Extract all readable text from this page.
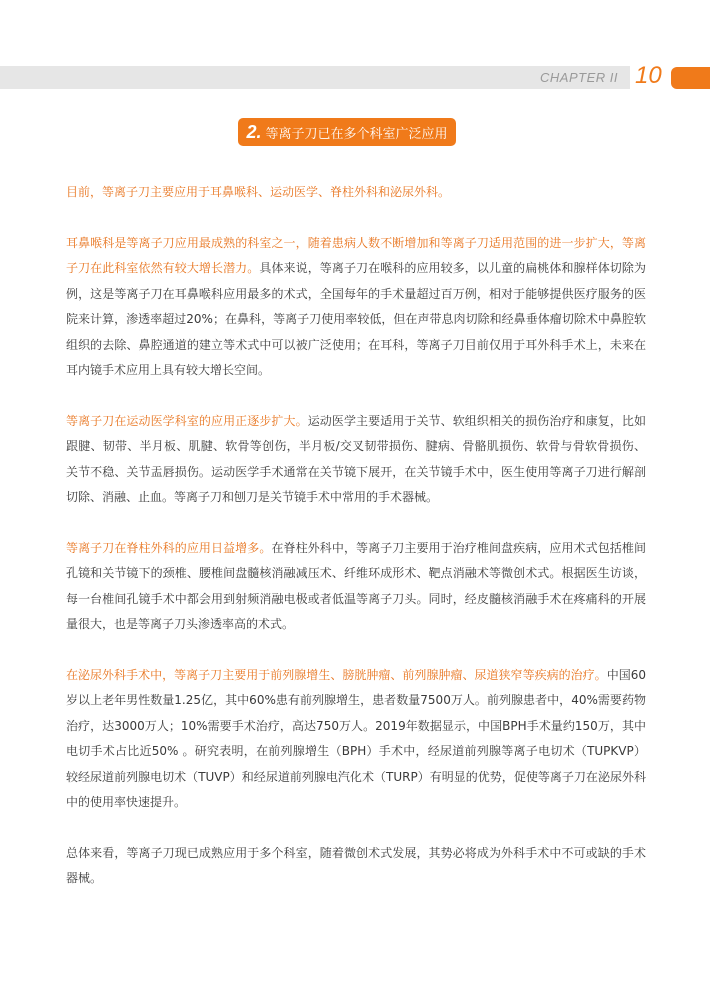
CHAPTER II 10
2. 等离子刀已在多个科室广泛应用

目前，等离子刀主要应用于耳鼻喉科、运动医学、脊柱外科和泌尿外科。

耳鼻喉科是等离子刀应用最成熟的科室之一，随着患病人数不断增加和等离子刀适用范围的进一步扩大，等离子刀在此科室依然有较大增长潜力。具体来说，等离子刀在喉科的应用较多，以儿童的扁桃体和腺样体切除为例，这是等离子刀在耳鼻喉科应用最多的术式，全国每年的手术量超过百万例，相对于能够提供医疗服务的医院来计算，渗透率超过20%；在鼻科，等离子刀使用率较低，但在声带息肉切除和经鼻垂体瘤切除术中鼻腔软组织的去除、鼻腔通道的建立等术式中可以被广泛使用；在耳科，等离子刀目前仅用于耳外科手术上，未来在耳内镜手术应用上具有较大增长空间。

等离子刀在运动医学科室的应用正逐步扩大。运动医学主要适用于关节、软组织相关的损伤治疗和康复，比如跟腱、韧带、半月板、肌腱、软骨等创伤，半月板/交叉韧带损伤、腱病、骨骼肌损伤、软骨与骨软骨损伤、关节不稳、关节盂唇损伤。运动医学手术通常在关节镜下展开，在关节镜手术中，医生使用等离子刀进行解剖切除、消融、止血。等离子刀和刨刀是关节镜手术中常用的手术器械。

等离子刀在脊柱外科的应用日益增多。在脊柱外科中，等离子刀主要用于治疗椎间盘疾病，应用术式包括椎间孔镜和关节镜下的颈椎、腰椎间盘髓核消融减压术、纤维环成形术、靶点消融术等微创术式。根据医生访谈，每一台椎间孔镜手术中都会用到射频消融电极或者低温等离子刀头。同时，经皮髓核消融手术在疼痛科的开展量很大，也是等离子刀头渗透率高的术式。

在泌尿外科手术中，等离子刀主要用于前列腺增生、膀胱肿瘤、前列腺肿瘤、尿道狭窄等疾病的治疗。中国60岁以上老年男性数量1.25亿，其中60%患有前列腺增生，患者数量7500万人。前列腺患者中，40%需要药物治疗，达3000万人；10%需要手术治疗，高达750万人。2019年数据显示，中国BPH手术量约150万，其中电切手术占比近50% 。研究表明，在前列腺增生（BPH）手术中，经尿道前列腺等离子电切术（TUPKVP）较经尿道前列腺电切术（TUVP）和经尿道前列腺电汽化术（TURP）有明显的优势，促使等离子刀在泌尿外科中的使用率快速提升。

总体来看，等离子刀现已成熟应用于多个科室，随着微创术式发展，其势必将成为外科手术中不可或缺的手术器械。
